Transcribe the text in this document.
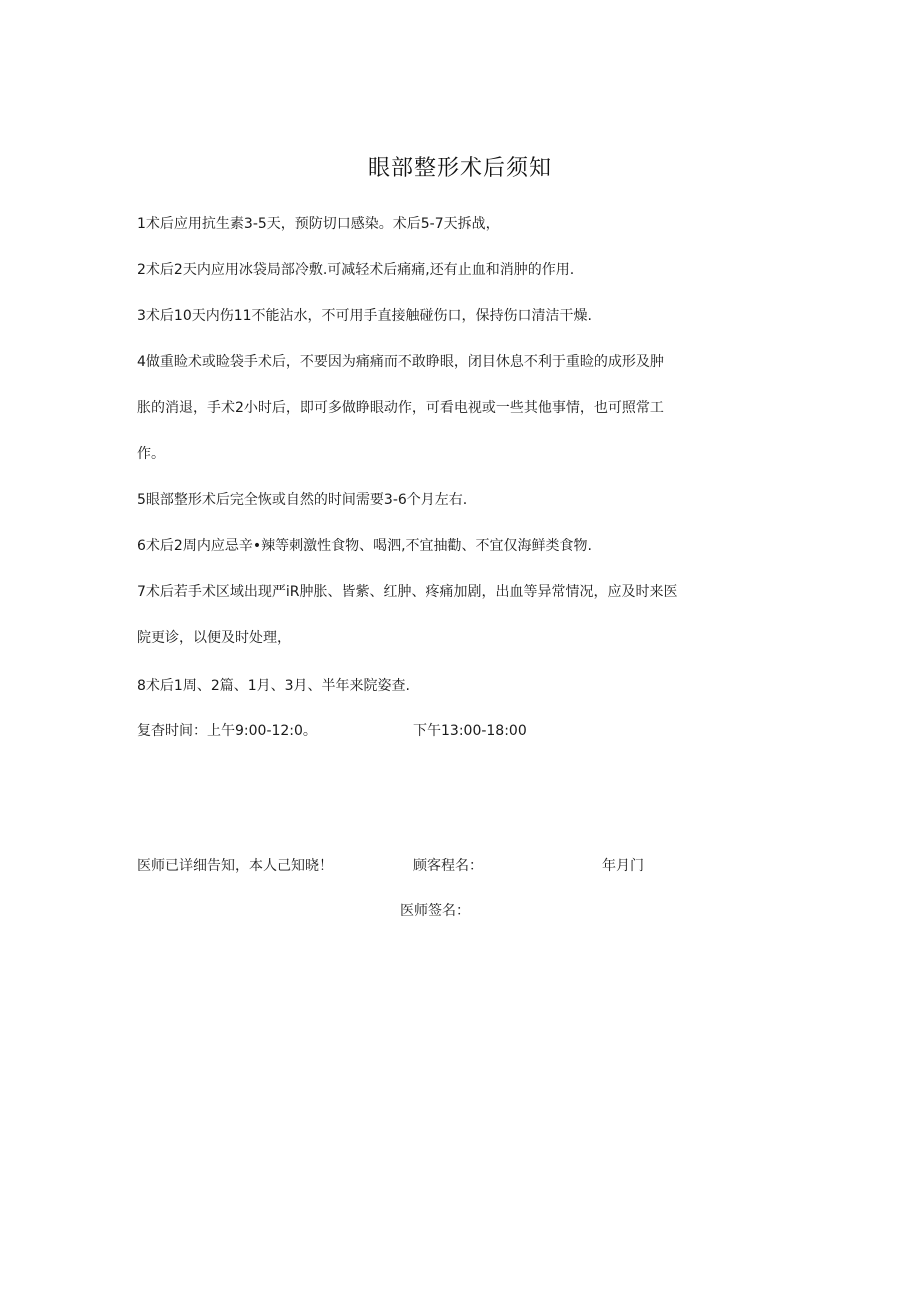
眼部整形术后须知
1术后应用抗生素3-5天，预防切口感染。术后5-7天拆战，
2术后2天内应用冰袋局部冷敷.可减轻术后痛痛,还有止血和消肿的作用.
3术后10天内伤11不能沾水，不可用手直接触碰伤口，保持伤口清洁干燥.
4做重睑术或睑袋手术后，不要因为痛痛而不敢睁眼，闭目休息不利于重睑的成形及肿
胀的消退，手术2小时后，即可多做睁眼动作，可看电视或一些其他事情，也可照常工
作。
5眼部整形术后完全恢或自然的时间需要3-6个月左右.
6术后2周内应忌辛•辣等刺激性食物、喝泗,不宜抽勸、不宜仅海鲜类食物.
7术后若手术区域出现严iR肿胀、皆紫、红肿、疼痛加剧，出血等异常情况，应及时来医
院更诊，以便及时处理，
8术后1周、2篇、1月、3月、半年来院姿查.
复杳时间：上午9:00-12:0。	下午13:00-18:00
医师已详细告知，本人己知晓！	顾客程名：	年月门
医师签名：
